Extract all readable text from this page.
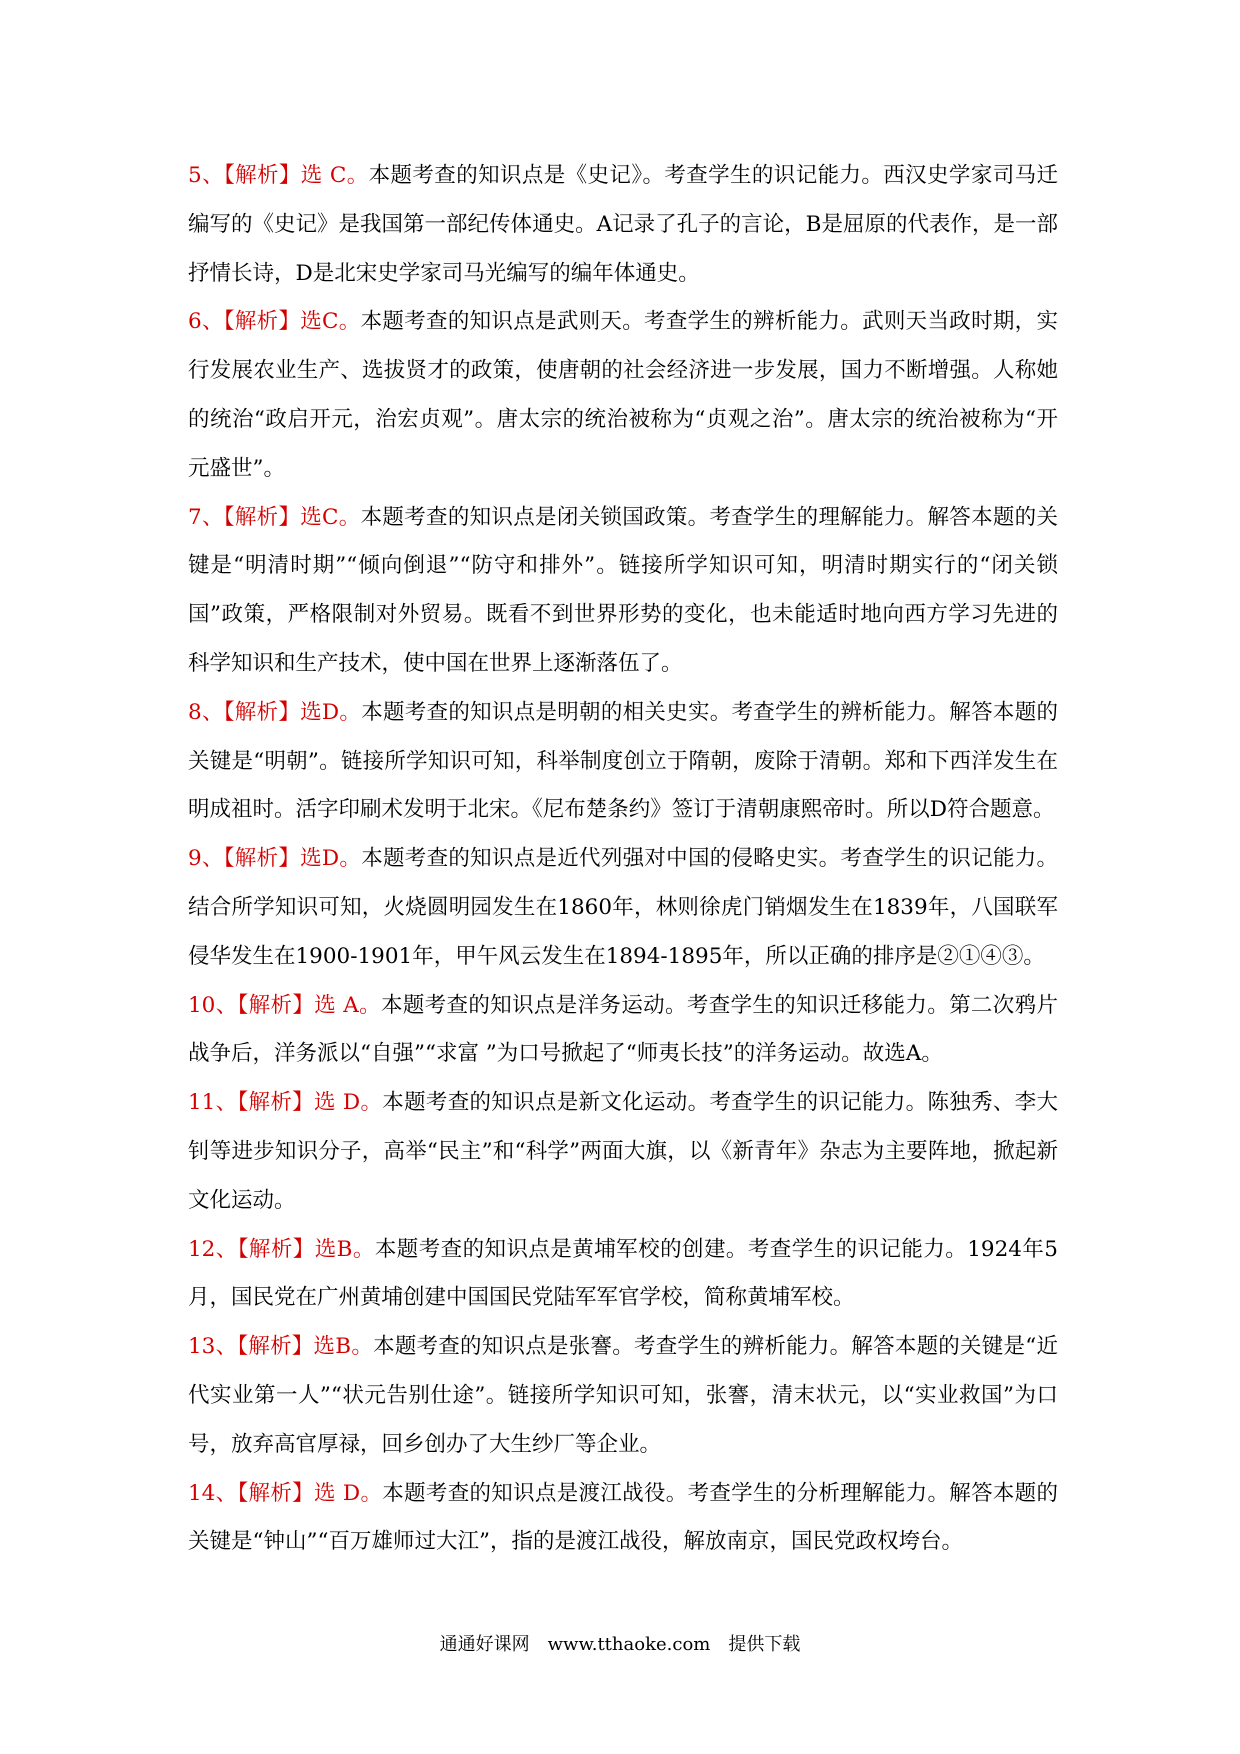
5、【解析】选 C。本题考查的知识点是《史记》。考查学生的识记能力。西汉史学家司马迁编写的《史记》是我国第一部纪传体通史。A记录了孔子的言论，B是屈原的代表作，是一部抒情长诗，D是北宋史学家司马光编写的编年体通史。

6、【解析】选C。本题考查的知识点是武则天。考查学生的辨析能力。武则天当政时期，实行发展农业生产、选拔贤才的政策，使唐朝的社会经济进一步发展，国力不断增强。人称她的统治“政启开元，治宏贞观”。唐太宗的统治被称为“贞观之治”。唐太宗的统治被称为“开元盛世”。

7、【解析】选C。本题考查的知识点是闭关锁国政策。考查学生的理解能力。解答本题的关键是“明清时期”“倾向倒退”“防守和排外”。链接所学知识可知，明清时期实行的“闭关锁国”政策，严格限制对外贸易。既看不到世界形势的变化，也未能适时地向西方学习先进的科学知识和生产技术，使中国在世界上逐渐落伍了。

8、【解析】选D。本题考查的知识点是明朝的相关史实。考查学生的辨析能力。解答本题的关键是“明朝”。链接所学知识可知，科举制度创立于隋朝，废除于清朝。郑和下西洋发生在明成祖时。活字印刷术发明于北宋。《尼布楚条约》签订于清朝康熙帝时。所以D符合题意。

9、【解析】选D。本题考查的知识点是近代列强对中国的侵略史实。考查学生的识记能力。结合所学知识可知，火烧圆明园发生在1860年，林则徐虎门销烟发生在1839年，八国联军侵华发生在1900-1901年，甲午风云发生在1894-1895年，所以正确的排序是②①④③。

10、【解析】选 A。本题考查的知识点是洋务运动。考查学生的知识迁移能力。第二次鸦片战争后，洋务派以“自强”“求富 ”为口号掀起了“师夷长技”的洋务运动。故选A。

11、【解析】选 D。本题考查的知识点是新文化运动。考查学生的识记能力。陈独秀、李大钊等进步知识分子，高举“民主”和“科学”两面大旗，以《新青年》杂志为主要阵地，掀起新文化运动。

12、【解析】选B。本题考查的知识点是黄埔军校的创建。考查学生的识记能力。1924年5月，国民党在广州黄埔创建中国国民党陆军军官学校，简称黄埔军校。

13、【解析】选B。本题考查的知识点是张謇。考查学生的辨析能力。解答本题的关键是“近代实业第一人”“状元告别仕途”。链接所学知识可知，张謇，清末状元，以“实业救国”为口号，放弃高官厚禄，回乡创办了大生纱厂等企业。

14、【解析】选 D。本题考查的知识点是渡江战役。考查学生的分析理解能力。解答本题的关键是“钟山”“百万雄师过大江”，指的是渡江战役，解放南京，国民党政权垮台。

通通好课网　www.tthaoke.com　提供下载
